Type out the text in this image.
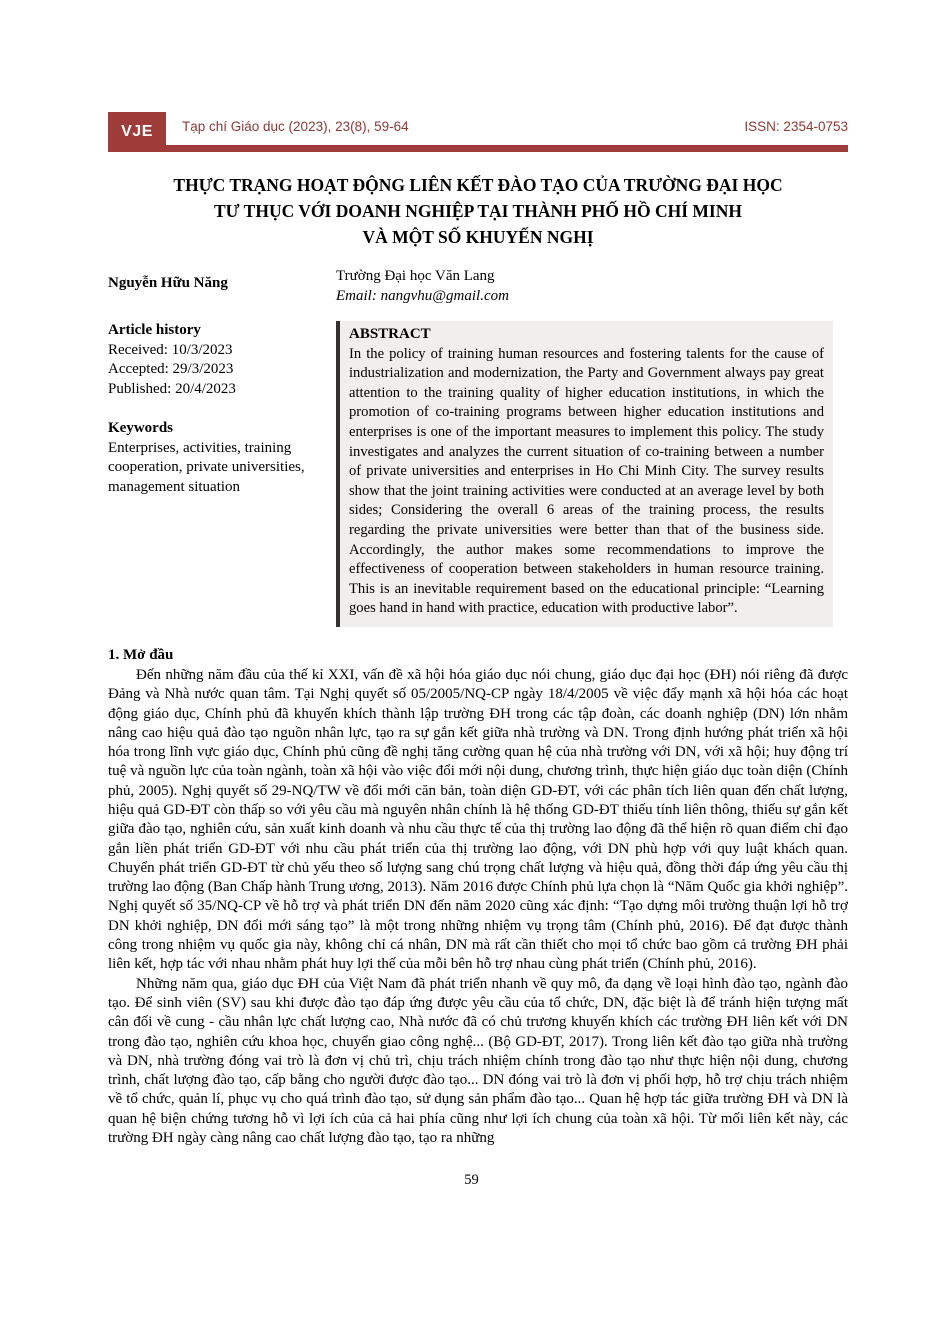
VJE Tạp chí Giáo dục (2023), 23(8), 59-64	ISSN: 2354-0753
THỰC TRẠNG HOẠT ĐỘNG LIÊN KẾT ĐÀO TẠO CỦA TRƯỜNG ĐẠI HỌC
TƯ THỤC VỚI DOANH NGHIỆP TẠI THÀNH PHỐ HỒ CHÍ MINH
VÀ MỘT SỐ KHUYẾN NGHỊ
Nguyễn Hữu Năng	Trường Đại học Văn Lang
Email: nangvhu@gmail.com
Article history
Received: 10/3/2023
Accepted: 29/3/2023
Published: 20/4/2023
Keywords
Enterprises, activities, training cooperation, private universities, management situation
ABSTRACT
In the policy of training human resources and fostering talents for the cause of industrialization and modernization, the Party and Government always pay great attention to the training quality of higher education institutions, in which the promotion of co-training programs between higher education institutions and enterprises is one of the important measures to implement this policy. The study investigates and analyzes the current situation of co-training between a number of private universities and enterprises in Ho Chi Minh City. The survey results show that the joint training activities were conducted at an average level by both sides; Considering the overall 6 areas of the training process, the results regarding the private universities were better than that of the business side. Accordingly, the author makes some recommendations to improve the effectiveness of cooperation between stakeholders in human resource training. This is an inevitable requirement based on the educational principle: “Learning goes hand in hand with practice, education with productive labor”.
1. Mở đầu

Đến những năm đầu của thế kỉ XXI, vấn đề xã hội hóa giáo dục nói chung, giáo dục đại học (ĐH) nói riêng đã được Đảng và Nhà nước quan tâm. Tại Nghị quyết số 05/2005/NQ-CP ngày 18/4/2005 về việc đẩy mạnh xã hội hóa các hoạt động giáo dục, Chính phủ đã khuyến khích thành lập trường ĐH trong các tập đoàn, các doanh nghiệp (DN) lớn nhằm nâng cao hiệu quả đào tạo nguồn nhân lực, tạo ra sự gắn kết giữa nhà trường và DN. Trong định hướng phát triển xã hội hóa trong lĩnh vực giáo dục, Chính phủ cũng đề nghị tăng cường quan hệ của nhà trường với DN, với xã hội; huy động trí tuệ và nguồn lực của toàn ngành, toàn xã hội vào việc đổi mới nội dung, chương trình, thực hiện giáo dục toàn diện (Chính phủ, 2005). Nghị quyết số 29-NQ/TW về đổi mới căn bản, toàn diện GD-ĐT, với các phân tích liên quan đến chất lượng, hiệu quả GD-ĐT còn thấp so với yêu cầu mà nguyên nhân chính là hệ thống GD-ĐT thiếu tính liên thông, thiếu sự gắn kết giữa đào tạo, nghiên cứu, sản xuất kinh doanh và nhu cầu thực tế của thị trường lao động đã thể hiện rõ quan điểm chỉ đạo gắn liền phát triển GD-ĐT với nhu cầu phát triển của thị trường lao động, với DN phù hợp với quy luật khách quan. Chuyển phát triển GD-ĐT từ chủ yếu theo số lượng sang chú trọng chất lượng và hiệu quả, đồng thời đáp ứng yêu cầu thị trường lao động (Ban Chấp hành Trung ương, 2013). Năm 2016 được Chính phủ lựa chọn là “Năm Quốc gia khởi nghiệp”. Nghị quyết số 35/NQ-CP về hỗ trợ và phát triển DN đến năm 2020 cũng xác định: “Tạo dựng môi trường thuận lợi hỗ trợ DN khởi nghiệp, DN đổi mới sáng tạo” là một trong những nhiệm vụ trọng tâm (Chính phủ, 2016). Để đạt được thành công trong nhiệm vụ quốc gia này, không chỉ cá nhân, DN mà rất cần thiết cho mọi tổ chức bao gồm cả trường ĐH phải liên kết, hợp tác với nhau nhằm phát huy lợi thế của mỗi bên hỗ trợ nhau cùng phát triển (Chính phủ, 2016).

Những năm qua, giáo dục ĐH của Việt Nam đã phát triển nhanh về quy mô, đa dạng về loại hình đào tạo, ngành đào tạo. Để sinh viên (SV) sau khi được đào tạo đáp ứng được yêu cầu của tổ chức, DN, đặc biệt là để tránh hiện tượng mất cân đối về cung - cầu nhân lực chất lượng cao, Nhà nước đã có chủ trương khuyến khích các trường ĐH liên kết với DN trong đào tạo, nghiên cứu khoa học, chuyển giao công nghệ... (Bộ GD-ĐT, 2017). Trong liên kết đào tạo giữa nhà trường và DN, nhà trường đóng vai trò là đơn vị chủ trì, chịu trách nhiệm chính trong đào tạo như thực hiện nội dung, chương trình, chất lượng đào tạo, cấp bằng cho người được đào tạo... DN đóng vai trò là đơn vị phối hợp, hỗ trợ chịu trách nhiệm về tổ chức, quản lí, phục vụ cho quá trình đào tạo, sử dụng sản phẩm đào tạo... Quan hệ hợp tác giữa trường ĐH và DN là quan hệ biện chứng tương hỗ vì lợi ích của cả hai phía cũng như lợi ích chung của toàn xã hội. Từ mối liên kết này, các trường ĐH ngày càng nâng cao chất lượng đào tạo, tạo ra những

59
